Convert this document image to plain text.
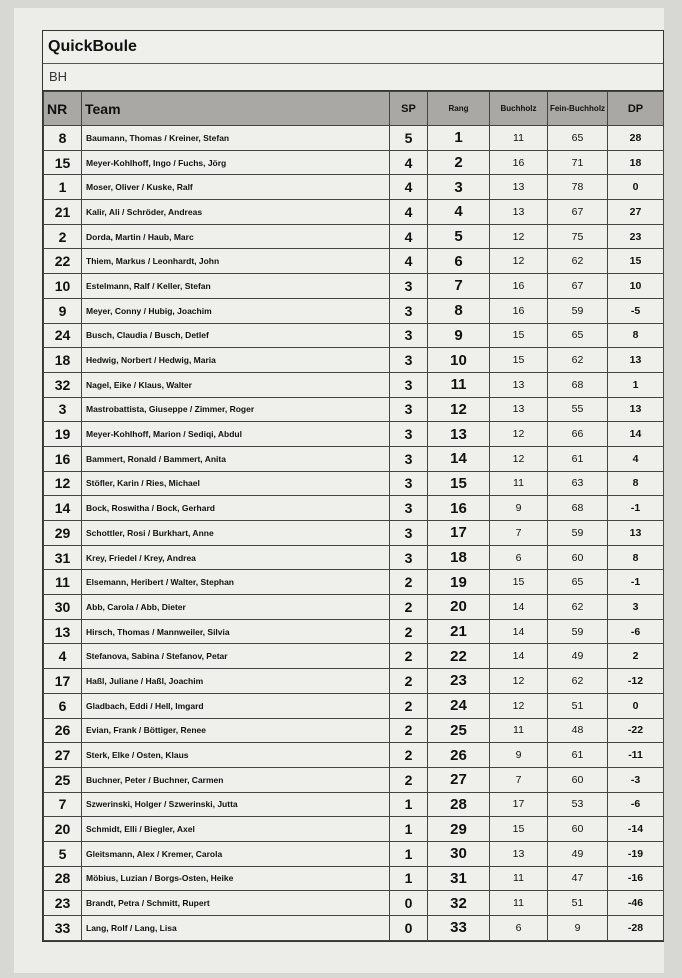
QuickBoule
BH
NR	Team	SP	Rang	Buchholz	Fein-Buchholz	DP
8	Baumann, Thomas / Kreiner, Stefan	5	1	11	65	28
15	Meyer-Kohlhoff, Ingo / Fuchs, Jörg	4	2	16	71	18
1	Moser, Oliver / Kuske, Ralf	4	3	13	78	0
21	Kalir, Ali / Schröder, Andreas	4	4	13	67	27
2	Dorda, Martin / Haub, Marc	4	5	12	75	23
22	Thiem, Markus / Leonhardt, John	4	6	12	62	15
10	Estelmann, Ralf / Keller, Stefan	3	7	16	67	10
9	Meyer, Conny / Hubig, Joachim	3	8	16	59	-5
24	Busch, Claudia / Busch, Detlef	3	9	15	65	8
18	Hedwig, Norbert / Hedwig, Maria	3	10	15	62	13
32	Nagel, Eike / Klaus, Walter	3	11	13	68	1
3	Mastrobattista, Giuseppe / Zimmer, Roger	3	12	13	55	13
19	Meyer-Kohlhoff, Marion / Sediqi, Abdul	3	13	12	66	14
16	Bammert, Ronald / Bammert, Anita	3	14	12	61	4
12	Stöfler, Karin / Ries, Michael	3	15	11	63	8
14	Bock, Roswitha / Bock, Gerhard	3	16	9	68	-1
29	Schottler, Rosi / Burkhart, Anne	3	17	7	59	13
31	Krey, Friedel / Krey, Andrea	3	18	6	60	8
11	Elsemann, Heribert / Walter, Stephan	2	19	15	65	-1
30	Abb, Carola / Abb, Dieter	2	20	14	62	3
13	Hirsch, Thomas / Mannweiler, Silvia	2	21	14	59	-6
4	Stefanova, Sabina / Stefanov, Petar	2	22	14	49	2
17	Haßl, Juliane / Haßl, Joachim	2	23	12	62	-12
6	Gladbach, Eddi / Hell, Imgard	2	24	12	51	0
26	Evian, Frank / Böttiger, Renee	2	25	11	48	-22
27	Sterk, Elke / Osten, Klaus	2	26	9	61	-11
25	Buchner, Peter / Buchner, Carmen	2	27	7	60	-3
7	Szwerinski, Holger / Szwerinski, Jutta	1	28	17	53	-6
20	Schmidt, Elli / Biegler, Axel	1	29	15	60	-14
5	Gleitsmann, Alex / Kremer, Carola	1	30	13	49	-19
28	Möbius, Luzian / Borgs-Osten, Heike	1	31	11	47	-16
23	Brandt, Petra / Schmitt, Rupert	0	32	11	51	-46
33	Lang, Rolf / Lang, Lisa	0	33	6	9	-28
